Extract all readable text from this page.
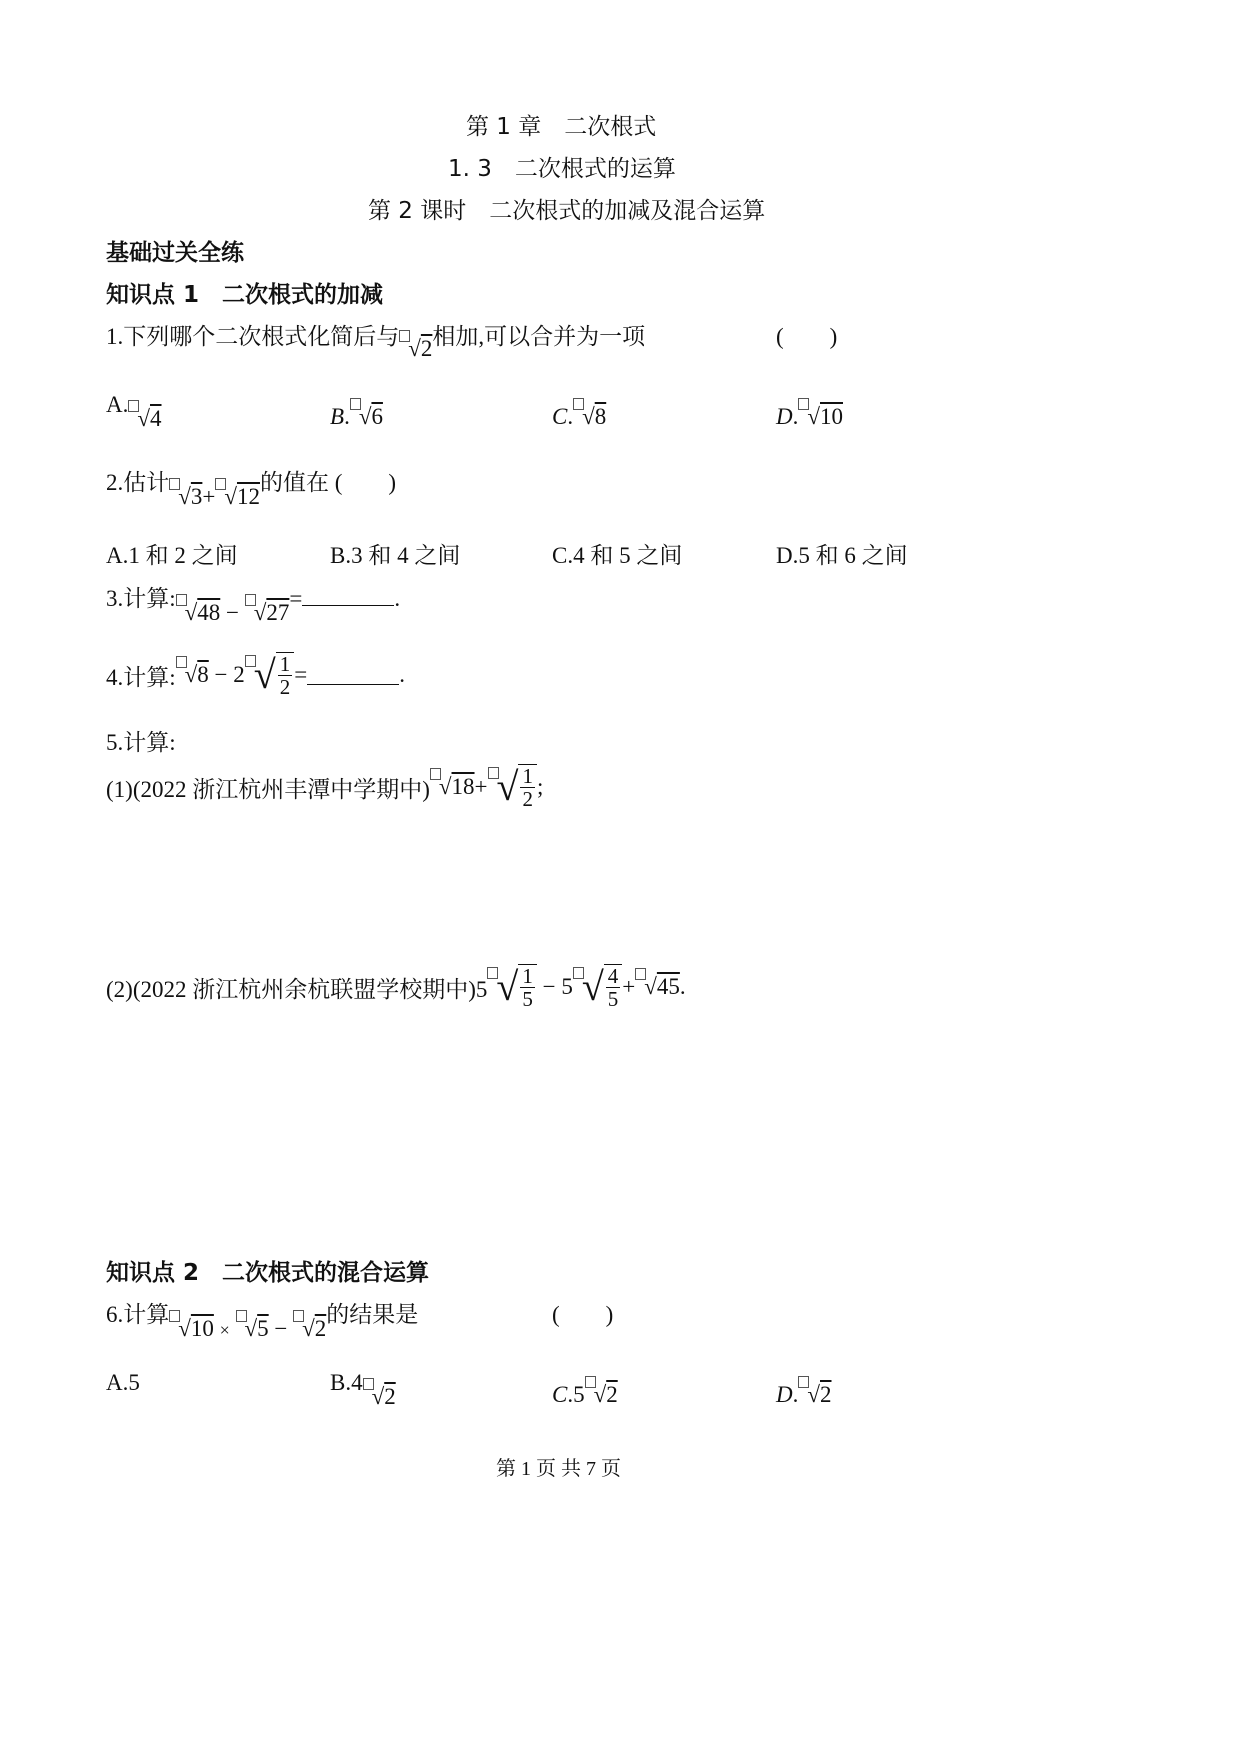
第 1 章　二次根式
1. 3　二次根式的运算
第 2 课时　二次根式的加减及混合运算
基础过关全练
知识点 1　二次根式的加减
1.下列哪个二次根式化简后与 √2相加,可以合并为一项	(　　)
A.√4	B. √6	C. √8	D. √10
2.估计√3+ √12的值在 (　　)
A.1 和 2 之间	B.3 和 4 之间	C.4 和 5 之间	D.5 和 6 之间
3.计算:√48 − √27=	.
4.计算: √8
− 2 √ $\frac{1}{2}$ =	.
5.计算:
(1)(2022 浙江杭州丰潭中学期中) √18 + √ $\frac{1}{2}$ ;
(2)(2022 浙江杭州余杭联盟学校期中)5 √ $\frac{1}{5}$
− 5 √ $\frac{4}{5} + √45$ .
知识点 2　二次根式的混合运算
6.计算√10 $_\times$ √5 − √2的结果是	(　　)
A.5	B.4√2	C.5 √2	D. √2
第 1 页 共 7 页
